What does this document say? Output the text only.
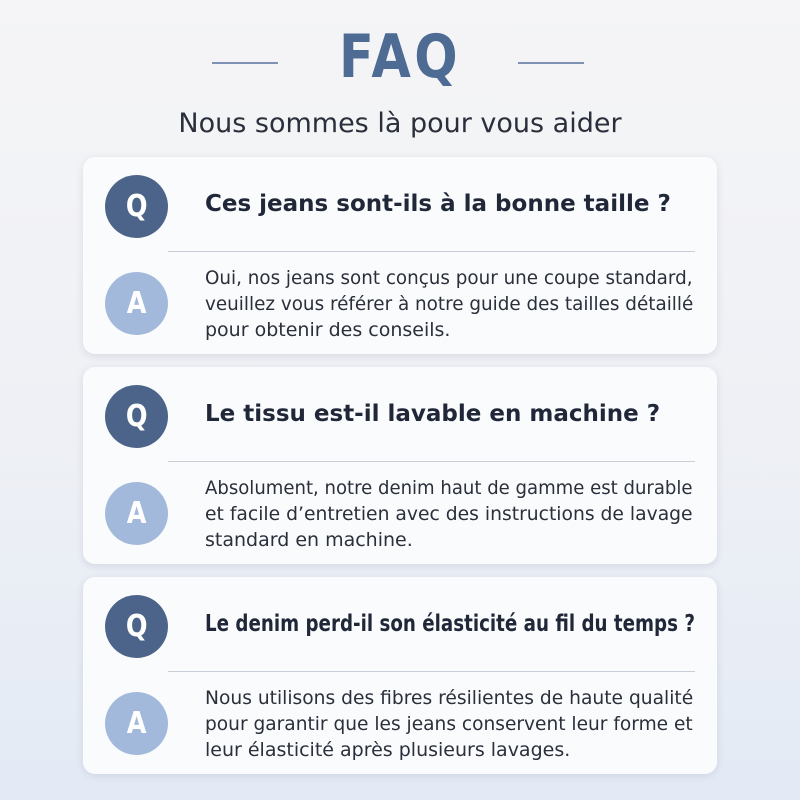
FAQ
Nous sommes là pour vous aider
Q	Ces jeans sont-ils à la bonne taille ?
A
Oui, nos jeans sont conçus pour une coupe standard,
veuillez vous référer à notre guide des tailles détaillé
pour obtenir des conseils.
Q	Le tissu est-il lavable en machine ?
A
Absolument, notre denim haut de gamme est durable
et facile d’entretien avec des instructions de lavage
standard en machine.
Q	Le denim perd-il son élasticité au fil du temps ?
A
Nous utilisons des fibres résilientes de haute qualité
pour garantir que les jeans conservent leur forme et
leur élasticité après plusieurs lavages.
